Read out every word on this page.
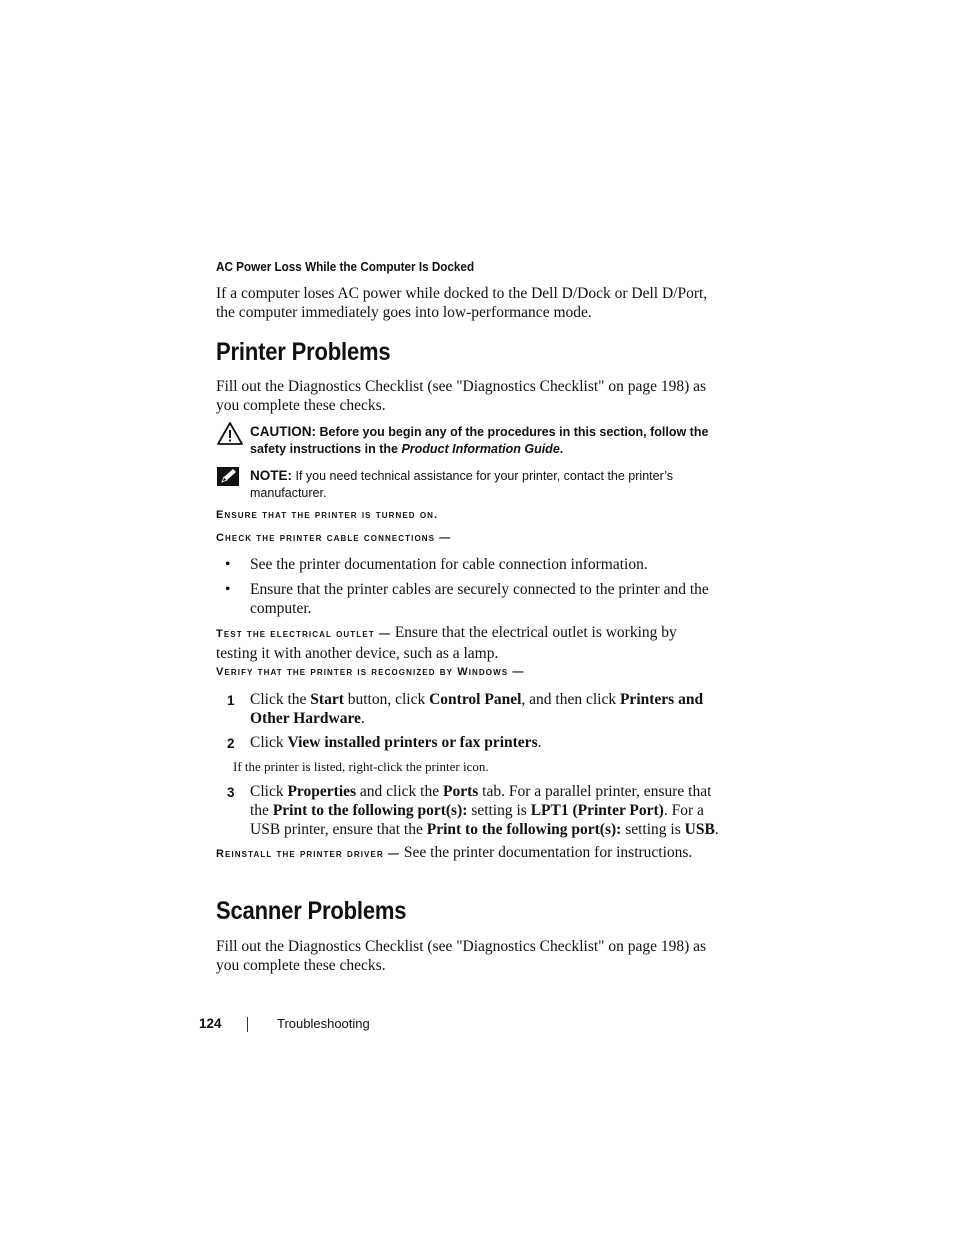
AC Power Loss While the Computer Is Docked
If a computer loses AC power while docked to the Dell D/Dock or Dell D/Port, the computer immediately goes into low-performance mode.
Printer Problems
Fill out the Diagnostics Checklist (see "Diagnostics Checklist" on page 198) as you complete these checks.
CAUTION: Before you begin any of the procedures in this section, follow the safety instructions in the Product Information Guide.
NOTE: If you need technical assistance for your printer, contact the printer’s manufacturer.
Ensure that the printer is turned on.
Check the printer cable connections —
• See the printer documentation for cable connection information.
• Ensure that the printer cables are securely connected to the printer and the computer.
Test the electrical outlet — Ensure that the electrical outlet is working by testing it with another device, such as a lamp.
Verify that the printer is recognized by Windows —
1 Click the Start button, click Control Panel, and then click Printers and Other Hardware.
2 Click View installed printers or fax printers.
If the printer is listed, right-click the printer icon.
3 Click Properties and click the Ports tab. For a parallel printer, ensure that the Print to the following port(s): setting is LPT1 (Printer Port). For a USB printer, ensure that the Print to the following port(s): setting is USB.
Reinstall the printer driver — See the printer documentation for instructions.
Scanner Problems
Fill out the Diagnostics Checklist (see "Diagnostics Checklist" on page 198) as you complete these checks.
124	Troubleshooting
